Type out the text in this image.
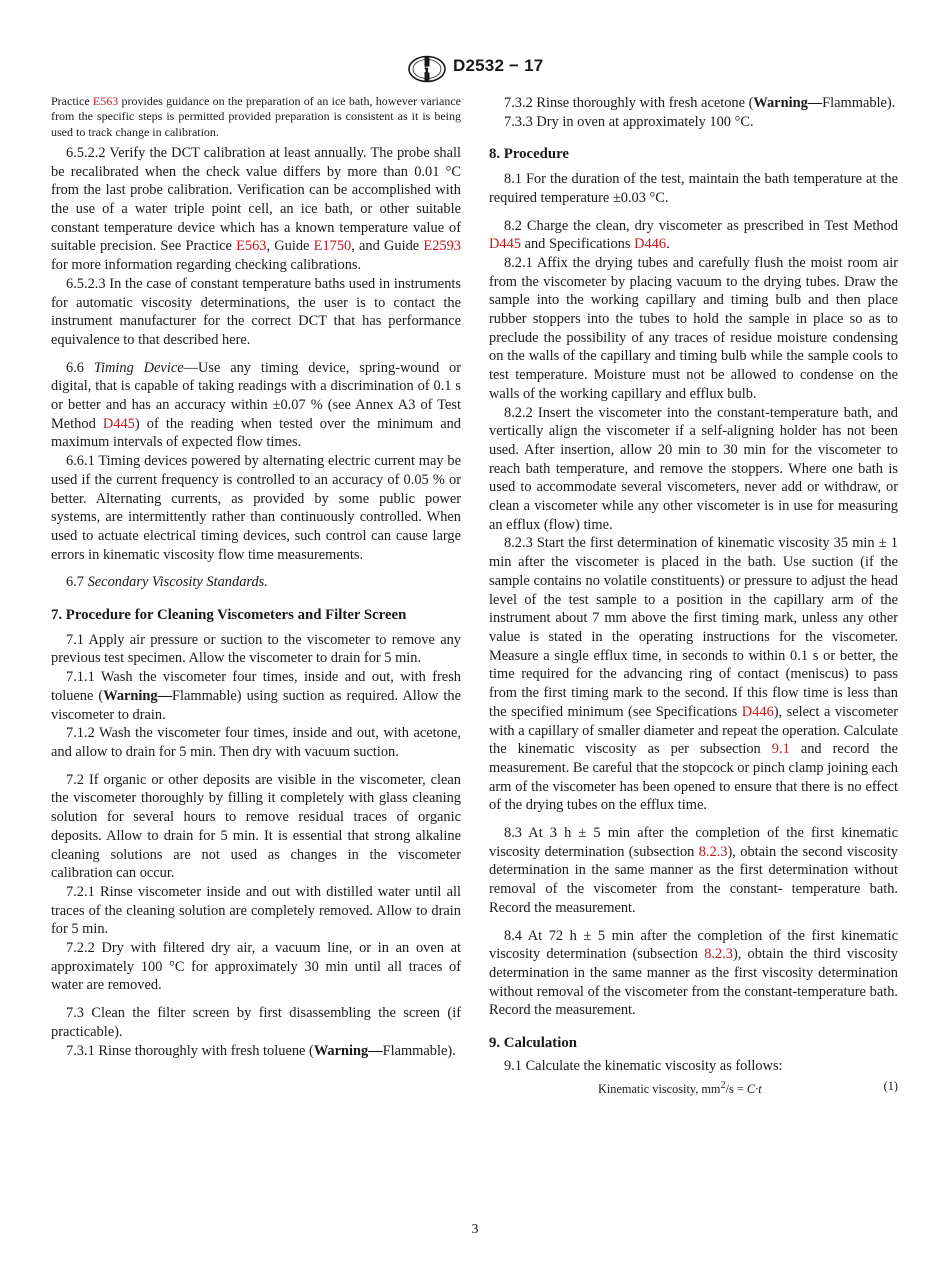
ASTM D2532 − 17

Practice E563 provides guidance on the preparation of an ice bath, however variance from the specific steps is permitted provided preparation is consistent as it is being used to track change in calibration.

6.5.2.2 Verify the DCT calibration at least annually. The probe shall be recalibrated when the check value differs by more than 0.01 °C from the last probe calibration. Verification can be accomplished with the use of a water triple point cell, an ice bath, or other suitable constant temperature device which has a known temperature value of suitable precision. See Practice E563, Guide E1750, and Guide E2593 for more information regarding checking calibrations.

6.5.2.3 In the case of constant temperature baths used in instruments for automatic viscosity determinations, the user is to contact the instrument manufacturer for the correct DCT that has performance equivalence to that described here.

6.6 Timing Device—Use any timing device, spring-wound or digital, that is capable of taking readings with a discrimination of 0.1 s or better and has an accuracy within ±0.07 % (see Annex A3 of Test Method D445) of the reading when tested over the minimum and maximum intervals of expected flow times.

6.6.1 Timing devices powered by alternating electric current may be used if the current frequency is controlled to an accuracy of 0.05 % or better. Alternating currents, as provided by some public power systems, are intermittently rather than continuously controlled. When used to actuate electrical timing devices, such control can cause large errors in kinematic viscosity flow time measurements.

6.7 Secondary Viscosity Standards.

7. Procedure for Cleaning Viscometers and Filter Screen

7.1 Apply air pressure or suction to the viscometer to remove any previous test specimen. Allow the viscometer to drain for 5 min.

7.1.1 Wash the viscometer four times, inside and out, with fresh toluene (Warning—Flammable) using suction as required. Allow the viscometer to drain.

7.1.2 Wash the viscometer four times, inside and out, with acetone, and allow to drain for 5 min. Then dry with vacuum suction.

7.2 If organic or other deposits are visible in the viscometer, clean the viscometer thoroughly by filling it completely with glass cleaning solution for several hours to remove residual traces of organic deposits. Allow to drain for 5 min. It is essential that strong alkaline cleaning solutions are not used as changes in the viscometer calibration can occur.

7.2.1 Rinse viscometer inside and out with distilled water until all traces of the cleaning solution are completely removed. Allow to drain for 5 min.

7.2.2 Dry with filtered dry air, a vacuum line, or in an oven at approximately 100 °C for approximately 30 min until all traces of water are removed.

7.3 Clean the filter screen by first disassembling the screen (if practicable).

7.3.1 Rinse thoroughly with fresh toluene (Warning—Flammable).

7.3.2 Rinse thoroughly with fresh acetone (Warning—Flammable).

7.3.3 Dry in oven at approximately 100 °C.

8. Procedure

8.1 For the duration of the test, maintain the bath temperature at the required temperature ±0.03 °C.

8.2 Charge the clean, dry viscometer as prescribed in Test Method D445 and Specifications D446.

8.2.1 Affix the drying tubes and carefully flush the moist room air from the viscometer by placing vacuum to the drying tubes. Draw the sample into the working capillary and timing bulb and then place rubber stoppers into the tubes to hold the sample in place so as to preclude the possibility of any traces of residue moisture condensing on the walls of the capillary and timing bulb while the sample cools to test temperature. Moisture must not be allowed to condense on the walls of the working capillary and efflux bulb.

8.2.2 Insert the viscometer into the constant-temperature bath, and vertically align the viscometer if a self-aligning holder has not been used. After insertion, allow 20 min to 30 min for the viscometer to reach bath temperature, and remove the stoppers. Where one bath is used to accommodate several viscometers, never add or withdraw, or clean a viscometer while any other viscometer is in use for measuring an efflux (flow) time.

8.2.3 Start the first determination of kinematic viscosity 35 min ± 1 min after the viscometer is placed in the bath. Use suction (if the sample contains no volatile constituents) or pressure to adjust the head level of the test sample to a position in the capillary arm of the instrument about 7 mm above the first timing mark, unless any other value is stated in the operating instructions for the viscometer. Measure a single efflux time, in seconds to within 0.1 s or better, the time required for the advancing ring of contact (meniscus) to pass from the first timing mark to the second. If this flow time is less than the specified minimum (see Specifications D446), select a viscometer with a capillary of smaller diameter and repeat the operation. Calculate the kinematic viscosity as per subsection 9.1 and record the measurement. Be careful that the stopcock or pinch clamp joining each arm of the viscometer has been opened to ensure that there is no effect of the drying tubes on the efflux time.

8.3 At 3 h ± 5 min after the completion of the first kinematic viscosity determination (subsection 8.2.3), obtain the second viscosity determination in the same manner as the first determination without removal of the viscometer from the constant- temperature bath. Record the measurement.

8.4 At 72 h ± 5 min after the completion of the first kinematic viscosity determination (subsection 8.2.3), obtain the third viscosity determination in the same manner as the first viscosity determination without removal of the viscometer from the constant-temperature bath. Record the measurement.

9. Calculation

9.1 Calculate the kinematic viscosity as follows:

Kinematic viscosity, $mm^2/s = C\cdot t$	(1)
3
